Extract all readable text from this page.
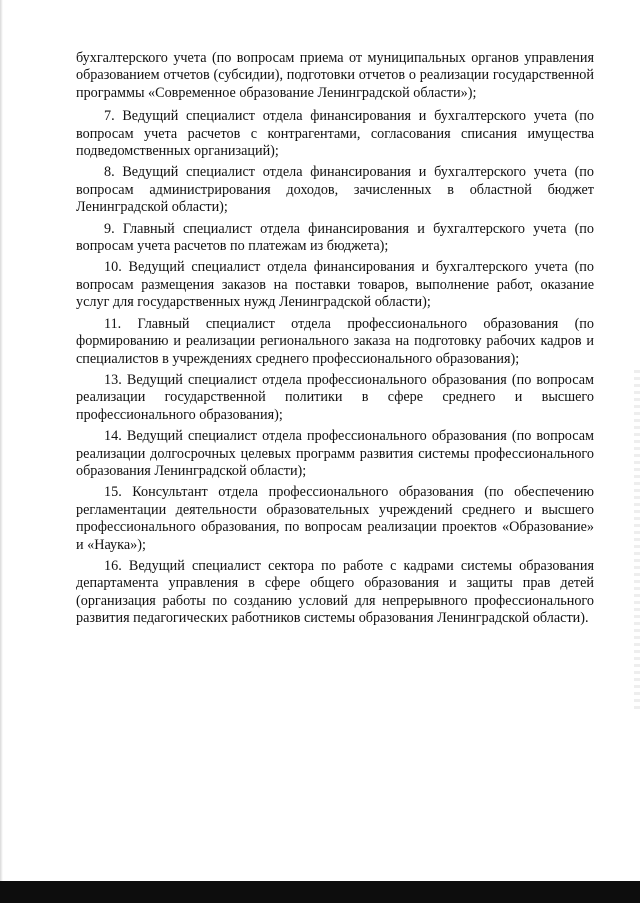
бухгалтерского учета (по вопросам приема от муниципальных органов управления образованием отчетов (субсидии), подготовки отчетов о реализации государственной программы «Современное образование Ленинградской области»);

7. Ведущий специалист отдела финансирования и бухгалтерского учета (по вопросам учета расчетов с контрагентами, согласования списания имущества подведомственных организаций);

8. Ведущий специалист отдела финансирования и бухгалтерского учета (по вопросам администрирования доходов, зачисленных в областной бюджет Ленинградской области);

9. Главный специалист отдела финансирования и бухгалтерского учета (по вопросам учета расчетов по платежам из бюджета);

10. Ведущий специалист отдела финансирования и бухгалтерского учета (по вопросам размещения заказов на поставки товаров, выполнение работ, оказание услуг для государственных нужд Ленинградской области);

11. Главный специалист отдела профессионального образования (по формированию и реализации регионального заказа на подготовку рабочих кадров и специалистов в учреждениях среднего профессионального образования);

13. Ведущий специалист отдела профессионального образования (по вопросам реализации государственной политики в сфере среднего и высшего профессионального образования);

14. Ведущий специалист отдела профессионального образования (по вопросам реализации долгосрочных целевых программ развития системы профессионального образования Ленинградской области);

15. Консультант отдела профессионального образования (по обеспечению регламентации деятельности образовательных учреждений среднего и высшего профессионального образования, по вопросам реализации проектов «Образование» и «Наука»);

16. Ведущий специалист сектора по работе с кадрами системы образования департамента управления в сфере общего образования и защиты прав детей (организация работы по созданию условий для непрерывного профессионального развития педагогических работников системы образования Ленинградской области).
